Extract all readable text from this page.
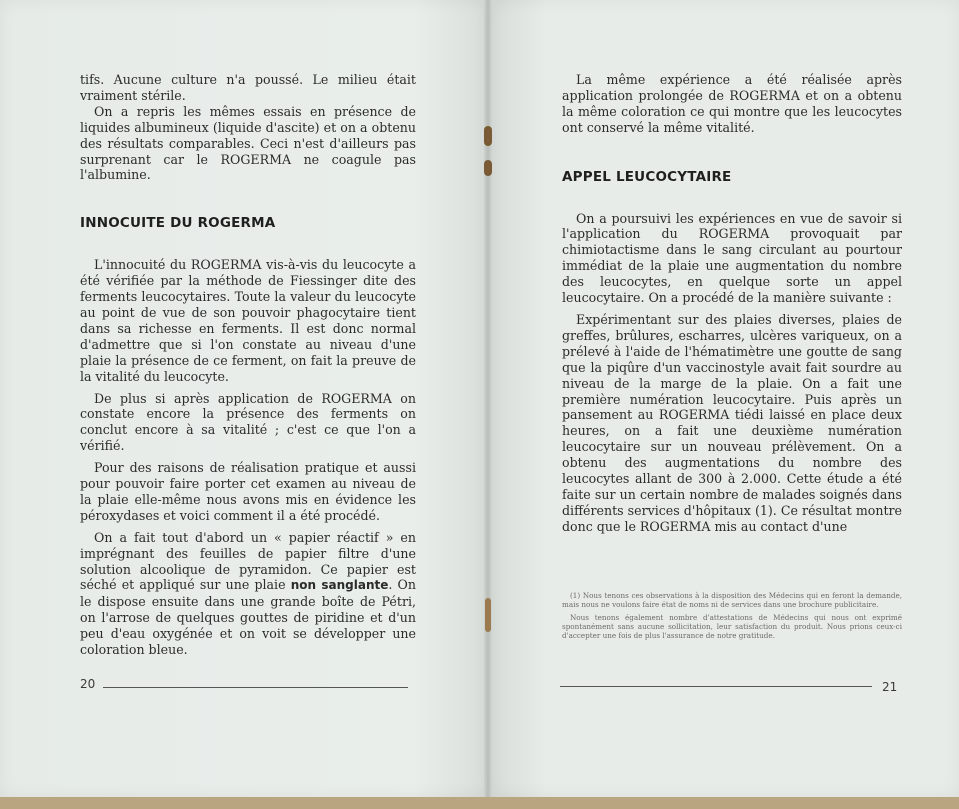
tifs. Aucune culture n'a poussé. Le milieu était vraiment stérile.

On a repris les mêmes essais en présence de liquides albumineux (liquide d'ascite) et on a obtenu des résultats comparables. Ceci n'est d'ailleurs pas surprenant car le ROGERMA ne coagule pas l'albumine.

INNOCUITE DU ROGERMA

L'innocuité du ROGERMA vis-à-vis du leucocyte a été vérifiée par la méthode de Fiessinger dite des ferments leucocytaires. Toute la valeur du leucocyte au point de vue de son pouvoir phagocytaire tient dans sa richesse en ferments. Il est donc normal d'admettre que si l'on constate au niveau d'une plaie la présence de ce ferment, on fait la preuve de la vitalité du leucocyte.

De plus si après application de ROGERMA on constate encore la présence des ferments on conclut encore à sa vitalité ; c'est ce que l'on a vérifié.

Pour des raisons de réalisation pratique et aussi pour pouvoir faire porter cet examen au niveau de la plaie elle-même nous avons mis en évidence les péroxydases et voici comment il a été procédé.

On a fait tout d'abord un « papier réactif » en imprégnant des feuilles de papier filtre d'une solution alcoolique de pyramidon. Ce papier est séché et appliqué sur une plaie non sanglante. On le dispose ensuite dans une grande boîte de Pétri, on l'arrose de quelques gouttes de piridine et d'un peu d'eau oxygénée et on voit se développer une coloration bleue.

20

La même expérience a été réalisée après application prolongée de ROGERMA et on a obtenu la même coloration ce qui montre que les leucocytes ont conservé la même vitalité.

APPEL LEUCOCYTAIRE

On a poursuivi les expériences en vue de savoir si l'application du ROGERMA provoquait par chimiotactisme dans le sang circulant au pourtour immédiat de la plaie une augmentation du nombre des leucocytes, en quelque sorte un appel leucocytaire. On a procédé de la manière suivante :

Expérimentant sur des plaies diverses, plaies de greffes, brûlures, escharres, ulcères variqueux, on a prélevé à l'aide de l'hématimètre une goutte de sang que la piqûre d'un vaccinostyle avait fait sourdre au niveau de la marge de la plaie. On a fait une première numération leucocytaire. Puis après un pansement au ROGERMA tiédi laissé en place deux heures, on a fait une deuxième numération leucocytaire sur un nouveau prélèvement. On a obtenu des augmentations du nombre des leucocytes allant de 300 à 2.000. Cette étude a été faite sur un certain nombre de malades soignés dans différents services d'hôpitaux (1). Ce résultat montre donc que le ROGERMA mis au contact d'une

(1) Nous tenons ces observations à la disposition des Médecins qui en feront la demande, mais nous ne voulons faire état de noms ni de services dans une brochure publicitaire.

Nous tenons également nombre d'attestations de Médecins qui nous ont exprimé spontanément sans aucune sollicitation, leur satisfaction du produit. Nous prions ceux-ci d'accepter une fois de plus l'assurance de notre gratitude.

21
